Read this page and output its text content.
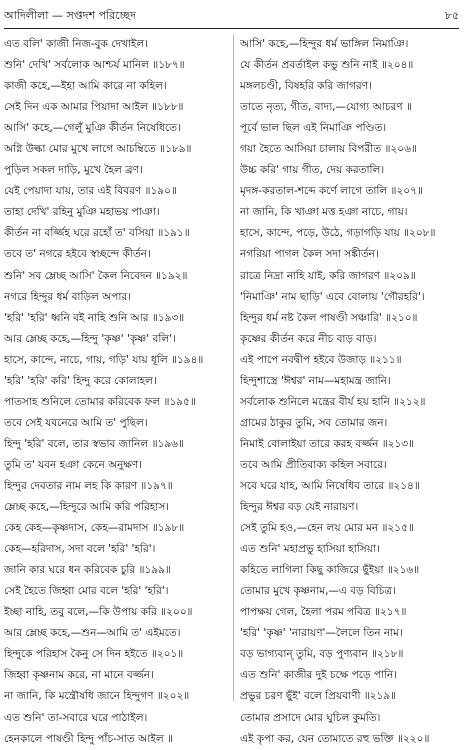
আদিলীলা — সপ্তদশ পরিচ্ছেদ	৮৫
এত বলি' কাজী নিজ-বুক দেখাইল।
শুনি' দেখি' সর্বলোক আশ্চর্য মানিল ॥১৮৭॥
কাজী কহে,—ইহা আমি কারে না কহিল।
সেই দিন এক আমার পিয়াদা আইল ॥১৮৮॥
আসি' কহে,—গেলুঁ মুঞি কীর্তন নিষেধিতে।
অগ্নি উল্কা মোর মুখে লাগে আচম্বিতে ॥১৮৯॥
পুড়িল সকল দাড়ি, মুখে হৈল ব্রণ।
যেই পেয়াদা যায়, তার এই বিবরণ ॥১৯০॥
তাহা দেখি' রহিনু মুঞি মহাভয় পাঞা।
কীর্তন না বর্জ্জিহ ঘরে রহোঁ ত' বসিয়া ॥১৯১॥
তবে ত' নগরে হইবে স্বচ্ছন্দে কীর্তন।
শুনি' সব ম্লেচ্ছ আসি' কৈল নিবেদন ॥১৯২॥
নগরে হিন্দুর ধর্ম বাড়িল অপার।
'হরি' 'হরি' ধ্বনি বই নাহি শুনি আর ॥১৯৩॥
আর ম্লেচ্ছ কহে,—হিন্দু 'কৃষ্ণ' 'কৃষ্ণ' বলি'।
হাসে, কান্দে, নাচে, গায়, গড়ি' যায় ধূলি ॥১৯৪॥
'হরি' 'হরি' করি' হিন্দু করে কোলাহল।
পাতসাহ শুনিলে তোমার করিবেক ফল ॥১৯৫॥
তবে সেই যবনেরে আমি ত' পুছিল।
হিন্দু 'হরি' বলে, তার স্বভাব জানিল ॥১৯৬॥
তুমি ত' যবন হঞা কেনে অনুক্ষণ।
হিন্দুর দেবতার নাম লহ কি কারণ ॥১৯৭॥
ম্লেচ্ছ কহে,—হিন্দুরে আমি করি পরিহাস।
কেহ কেহ—কৃষ্ণদাস, কেহ—রামদাস ॥১৯৮॥
কেহ—হরিদাস, সদা বলে 'হরি' 'হরি'।
জানি কার ঘরে ধন করিবেক চুরি ॥১৯৯॥
সেই হৈতে জিহ্বা মোর বলে 'হরি' 'হরি'।
ইচ্ছা নাহি, তবু বলে,—কি উপায় করি ॥২০০॥
আর ম্লেচ্ছ কহে,—শুন—আমি ত' এইমতে।
হিন্দুকে পরিহাস কৈনু সে দিন হইতে ॥২০১॥
জিহ্বা কৃষ্ণনাম করে, না মানে বর্জ্জন।
না জানি, কি মন্ত্রৌষধি জানে হিন্দুগণ ॥২০২॥
এত শুনি' তা-সবারে ঘরে পাঠাইল।
হেনকালে পাষণ্ডী হিন্দু পাঁচ-সাত আইল ॥
আসি' কহে,—হিন্দুর ধর্ম ভাঙ্গিল নিমাঞি।
যে কীর্তন প্রবর্তাইল কভু শুনি নাই ॥২০৪॥
মঙ্গলচণ্ডী, বিষহরি করি জাগরণ।
তাতে নৃত্য, গীত, বাদ্য,—যোগ্য আচরণ ॥
পূর্বে ভাল ছিল এই নিমাঞি পণ্ডিত।
গয়া হৈতে আসিয়া চালায় বিপরীত ॥২০৬॥
উচ্চ করি' গায় গীত, দেয় করতালি।
মৃদঙ্গ-করতাল-শব্দে কর্ণে লাগে তালি ॥২০৭॥
না জানি, কি খাঞা মত্ত হঞা নাচে, গায়।
হাসে, কান্দে, পড়ে, উঠে, গড়াগড়ি যায় ॥২০৮॥
নগরিয়া পাগল কৈল সদা সঙ্কীর্তন।
রাত্রে নিদ্রা নাহি যাই, করি জাগরণ ॥২০৯॥
'নিমাঞি' নাম ছাড়ি' এবে বোলায় 'গৌরহরি'।
হিন্দুর ধর্ম নষ্ট কৈল পাষণ্ডী সঞ্চারি' ॥২১০॥
কৃষ্ণের কীর্তন করে নীচ বাড় বাড়।
এই পাপে নবদ্বীপ হইবে উজাড় ॥২১১॥
হিন্দুশাস্ত্রে 'ঈশ্বর' নাম—মহামন্ত্র জানি।
সর্বলোক শুনিলে মন্ত্রের বীর্য হয় হানি ॥২১২॥
গ্রামের ঠাকুর তুমি, সব তোমার জন।
নিমাই বোলাইয়া তারে করহ বর্জ্জন ॥২১৩॥
তবে আমি প্রীতিবাক্য কহিল সবারে।
সবে ঘরে যাহ, আমি নিষেধিব তারে ॥২১৪॥
হিন্দুর ঈশ্বর বড় যেই নারায়ণ।
সেই তুমি হও,—হেন লয় মোর মন ॥২১৫॥
এত শুনি' মহাপ্রভু হাসিয়া হাসিয়া।
কহিতে লাগিলা কিছু কাজিরে ছুঁইয়া ॥২১৬॥
তোমার মুখে কৃষ্ণনাম,—এ বড় বিচিত্র।
পাপক্ষয় গেল, হৈলা পরম পবিত্র ॥২১৭॥
'হরি' 'কৃষ্ণ' 'নারায়ণ'—লৈলে তিন নাম।
বড় ভাগ্যবান্ তুমি, বড় পুণ্যবান ॥২১৮॥
এত শুনি' কাজীর দুই চক্ষে পড়ে পানি।
প্রভুর চরণ ছুঁই' বলে প্রিয়বাণী ॥২১৯॥
তোমার প্রসাদে মোর ঘুচিল কুমতি।
এই কৃপা কর, যেন তোমাতে রহু ভক্তি ॥২২০॥
